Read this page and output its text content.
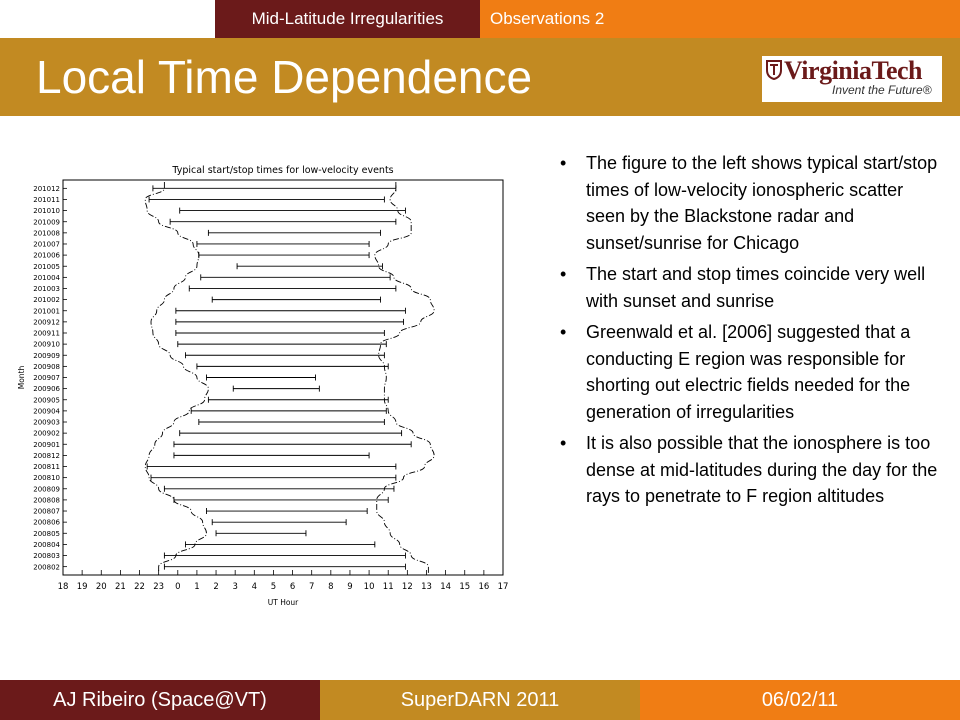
Mid-Latitude Irregularities	Observations 2
Local Time Dependence	VirginiaTech
Invent the Future®
Typical start/stop times for low-velocity events
UT Hour
Month
18 19 20 21 22 23 0 1 2 3 4 5 6 7 8 9 10 11 12 13 14 15 16 17
201012
201011
201010
201009
201008
201007
201006
201005
201004
201003
201002
201001
200912
200911
200910
200909
200908
200907
200906
200905
200904
200903
200902
200901
200812
200811
200810
200809
200808
200807
200806
200805
200804
200803
200802
• The figure to the left shows typical start/stop times of low-velocity ionospheric scatter seen by the Blackstone radar and sunset/sunrise for Chicago
• The start and stop times coincide very well with sunset and sunrise
• Greenwald et al. [2006] suggested that a conducting E region was responsible for shorting out electric fields needed for the generation of irregularities
• It is also possible that the ionosphere is too dense at mid-latitudes during the day for the rays to penetrate to F region altitudes
AJ Ribeiro (Space@VT)	SuperDARN 2011	06/02/11
